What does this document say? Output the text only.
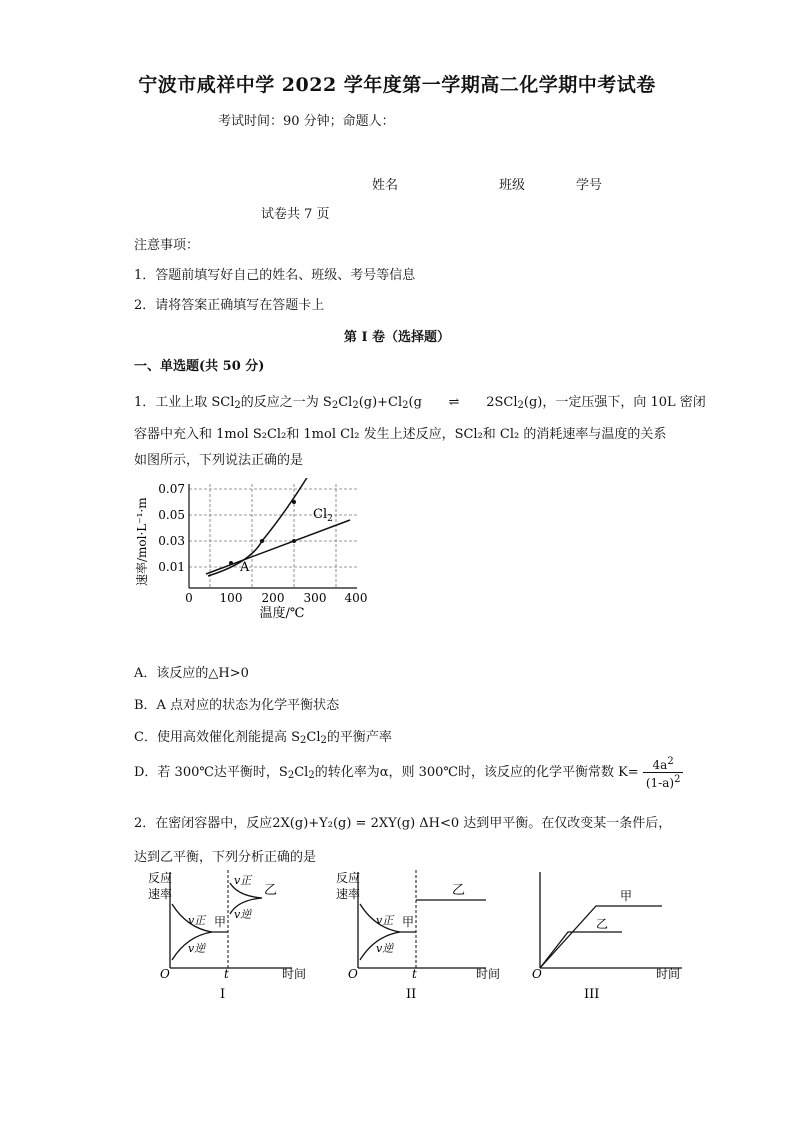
宁波市咸祥中学 2022 学年度第一学期高二化学期中考试卷
考试时间：90 分钟；命题人：
姓名	班级	学号
试卷共 7 页
注意事项：
1．答题前填写好自己的姓名、班级、考号等信息
2．请将答案正确填写在答题卡上
第 I 卷（选择题）
一、单选题(共 50 分)
1．工业上取 SCl$_2$的反应之一为 $S_2Cl_2(g)+Cl_2(g$ ⇌ 2SCl$_2$(g)，一定压强下，向 10L 密闭
容器中充入和 1mol S₂Cl₂和 1mol Cl₂ 发生上述反应，SCl₂和 Cl₂ 的消耗速率与温度的关系
如图所示，下列说法正确的是
A
$Cl_2$
0.01
0.03
0.05
0.07
0 100 200 300 400
温度/℃
速率/mol·L⁻¹·m
A．该反应的△H>0
B．A 点对应的状态为化学平衡状态
C．使用高效催化剂能提高 $S_2Cl_2$的平衡产率
D．若 300℃达平衡时，$S_2Cl_2$的转化率为α，则 300℃时，该反应的化学平衡常数 $K= \frac{4a^2}{(1-a)^2}$
2．在密闭容器中，反应2X(g)+Y₂(g) = 2XY(g) ΔH<0 达到甲平衡。在仅改变某一条件后，
达到乙平衡，下列分析正确的是
反应
速率
v正
v逆
甲
v正
v逆
乙
O	t	时间
I
反应
速率
v正
v逆
甲
乙
O	t	时间
II
甲
乙
O	时间
III
